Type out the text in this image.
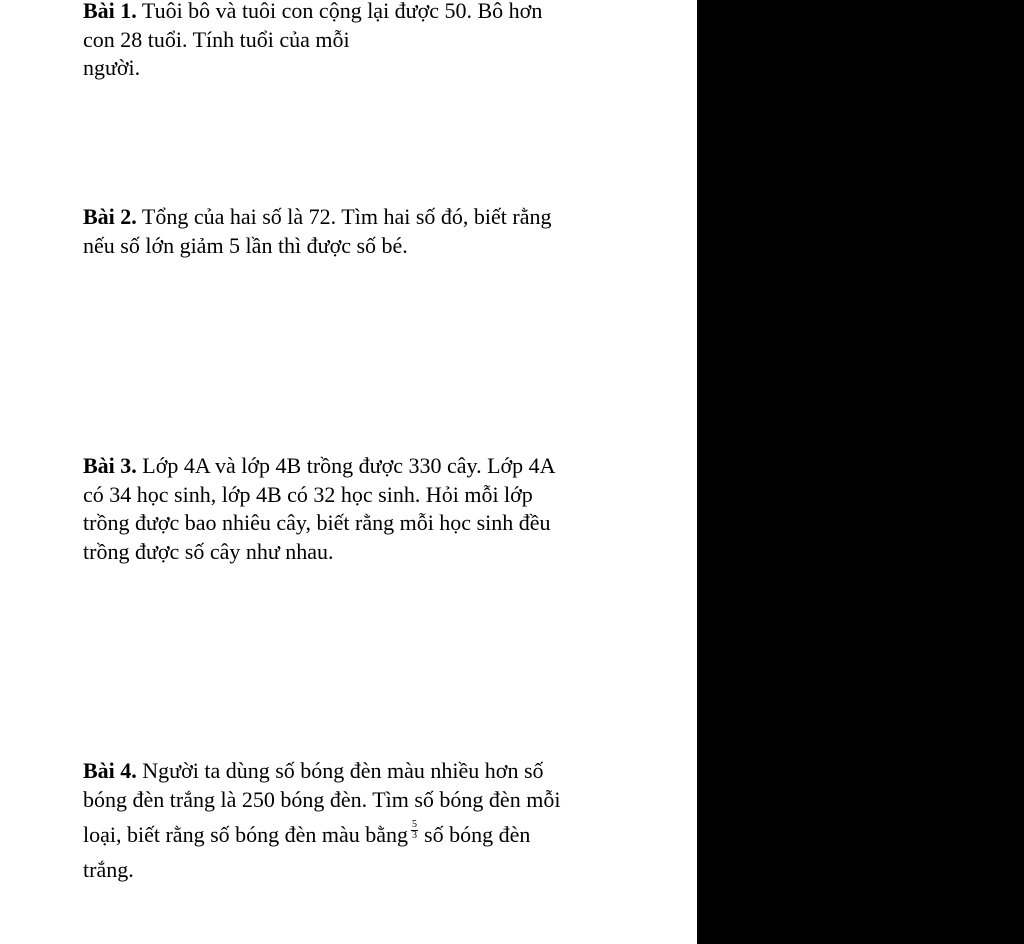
Bài 1. Tuôi bô và tuôi con cộng lại được 50. Bô hơn
con 28 tuổi. Tính tuổi của mỗi
người.
Bài 2. Tổng của hai số là 72. Tìm hai số đó, biết rằng
nếu số lớn giảm 5 lần thì được số bé.
Bài 3. Lớp 4A và lớp 4B trồng được 330 cây. Lớp 4A
có 34 học sinh, lớp 4B có 32 học sinh. Hỏi mỗi lớp
trồng được bao nhiêu cây, biết rằng mỗi học sinh đều
trồng được số cây như nhau.
Bài 4. Người ta dùng số bóng đèn màu nhiều hơn số
bóng đèn trắng là 250 bóng đèn. Tìm số bóng đèn mỗi
loại, biết rằng số bóng đèn màu bằng $\frac{5}{3}$ số bóng đèn
trắng.
